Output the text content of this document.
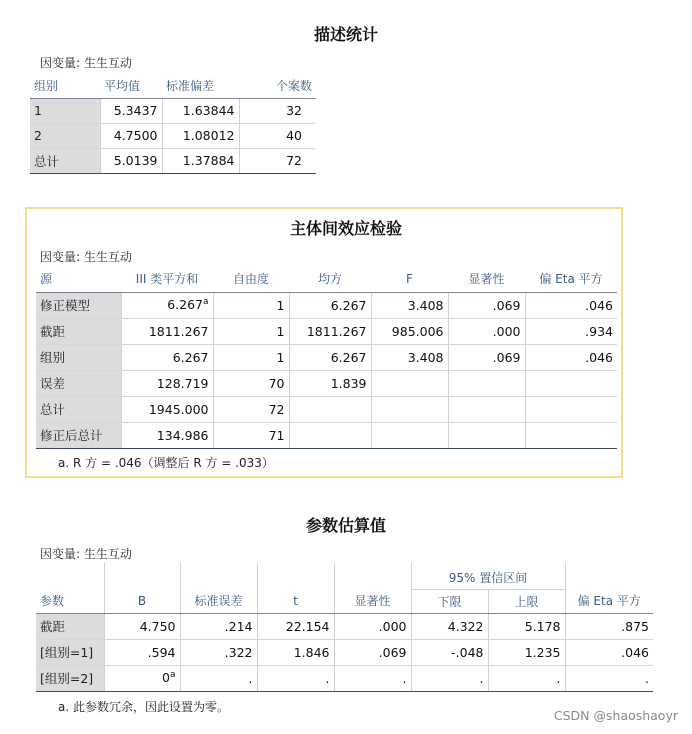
描述统计
因变量: 生生互动
组别	平均值	标准偏差	个案数
1	5.3437	1.63844	32
2	4.7500	1.08012	40
总计	5.0139	1.37884	72
主体间效应检验
因变量: 生生互动
源	III 类平方和	自由度	均方	F	显著性	偏 Eta 平方
修正模型	6.267$^a$	1	6.267	3.408	.069	.046
截距	1811.267	1	1811.267	985.006	.000	.934
组别	6.267	1	6.267	3.408	.069	.046
误差	128.719	70	1.839			
总计	1945.000	72				
修正后总计	134.986	71				
a. R 方 = .046（调整后 R 方 = .033）
参数估算值
因变量: 生生互动
					95% 置信区间		
参数	B	标准误差	t	显著性	下限	上限	偏 Eta 平方
截距	4.750	.214	22.154	.000	4.322	5.178	.875
[组别=1]	.594	.322	1.846	.069	-.048	1.235	.046
[组别=2]	0$^a$	.	.	.	.	.	.
a. 此参数冗余，因此设置为零。
CSDN @shaoshaoyr
